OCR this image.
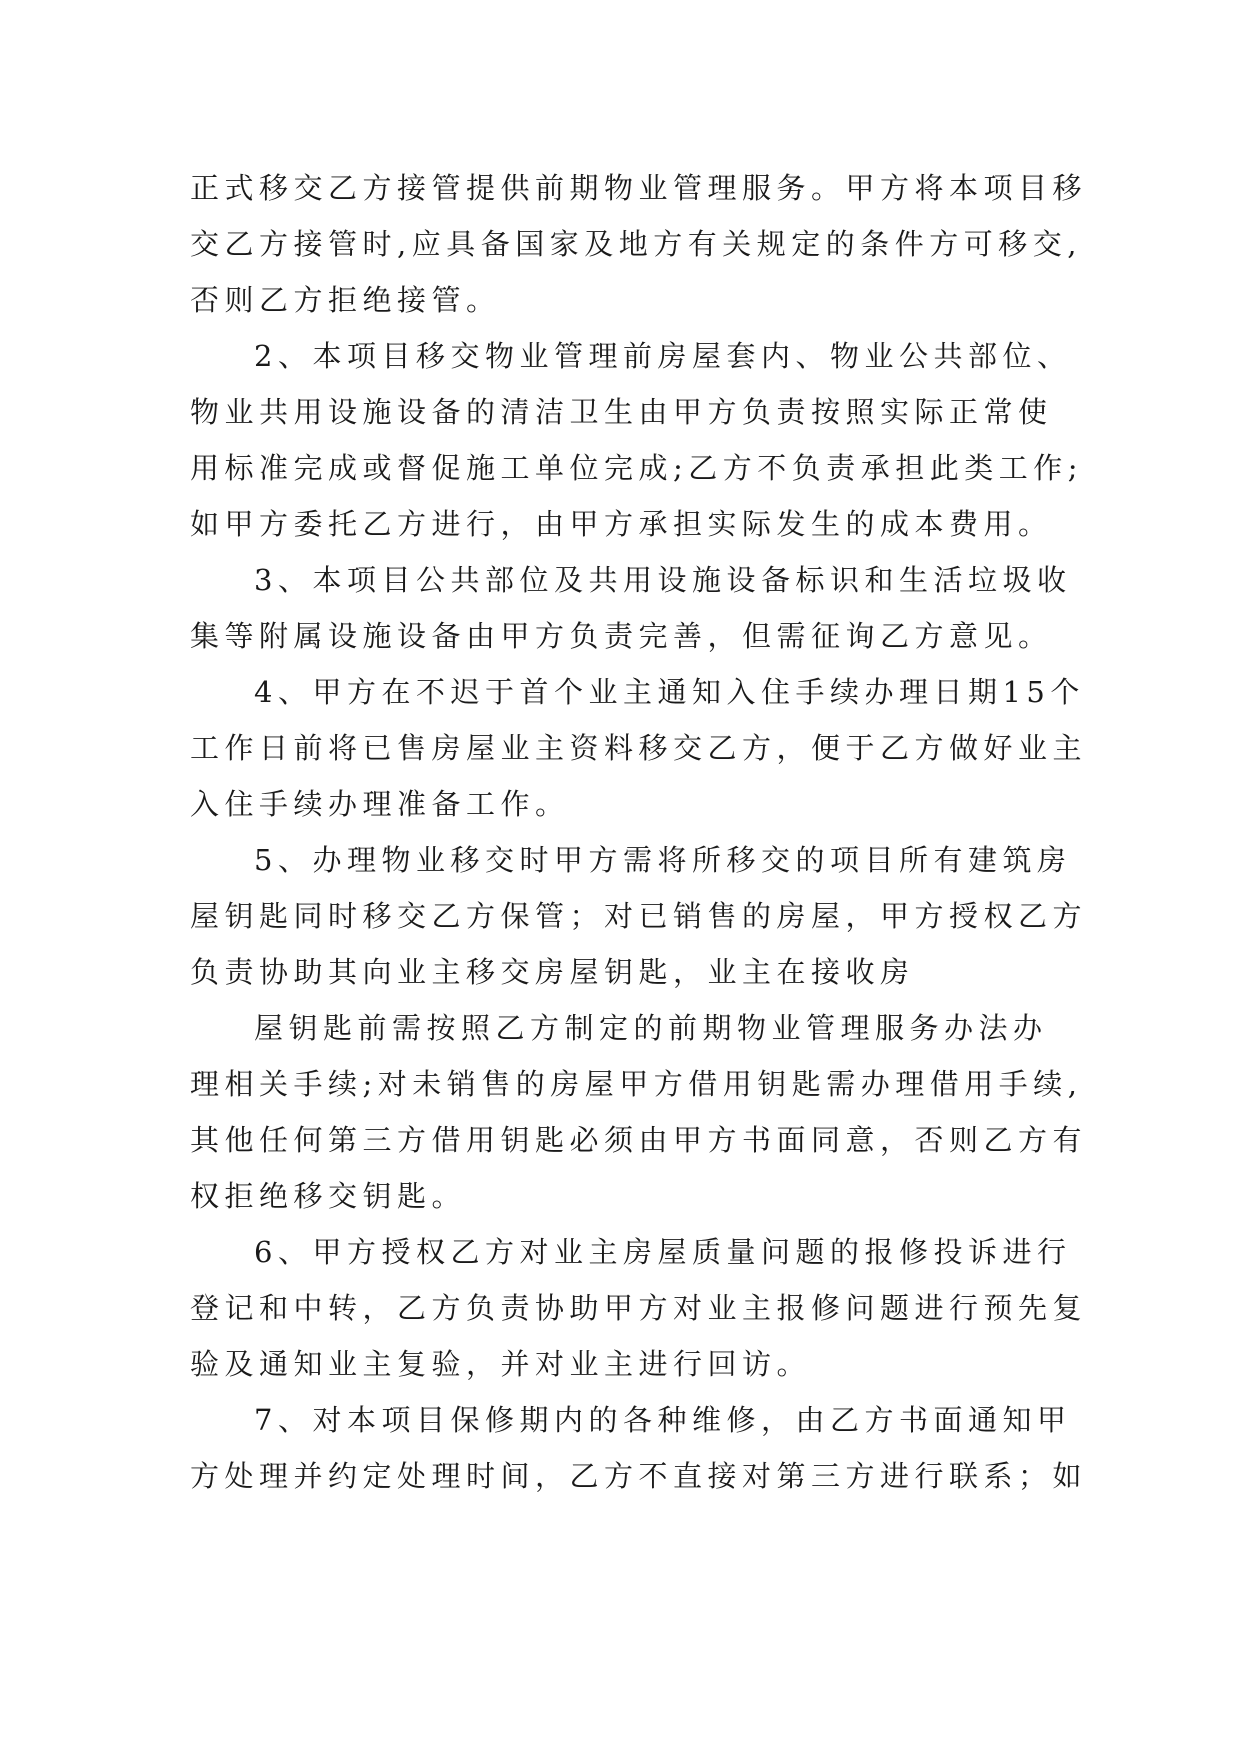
正式移交乙方接管提供前期物业管理服务。甲方将本项目移

交乙方接管时,应具备国家及地方有关规定的条件方可移交,

否则乙方拒绝接管。

2、本项目移交物业管理前房屋套内、物业公共部位、

物业共用设施设备的清洁卫生由甲方负责按照实际正常使

用标准完成或督促施工单位完成;乙方不负责承担此类工作;

如甲方委托乙方进行，由甲方承担实际发生的成本费用。

3、本项目公共部位及共用设施设备标识和生活垃圾收

集等附属设施设备由甲方负责完善，但需征询乙方意见。

4、甲方在不迟于首个业主通知入住手续办理日期15个

工作日前将已售房屋业主资料移交乙方，便于乙方做好业主

入住手续办理准备工作。

5、办理物业移交时甲方需将所移交的项目所有建筑房

屋钥匙同时移交乙方保管；对已销售的房屋，甲方授权乙方

负责协助其向业主移交房屋钥匙，业主在接收房

屋钥匙前需按照乙方制定的前期物业管理服务办法办

理相关手续;对未销售的房屋甲方借用钥匙需办理借用手续,

其他任何第三方借用钥匙必须由甲方书面同意，否则乙方有

权拒绝移交钥匙。

6、甲方授权乙方对业主房屋质量问题的报修投诉进行

登记和中转，乙方负责协助甲方对业主报修问题进行预先复

验及通知业主复验，并对业主进行回访。

7、对本项目保修期内的各种维修，由乙方书面通知甲

方处理并约定处理时间，乙方不直接对第三方进行联系；如
